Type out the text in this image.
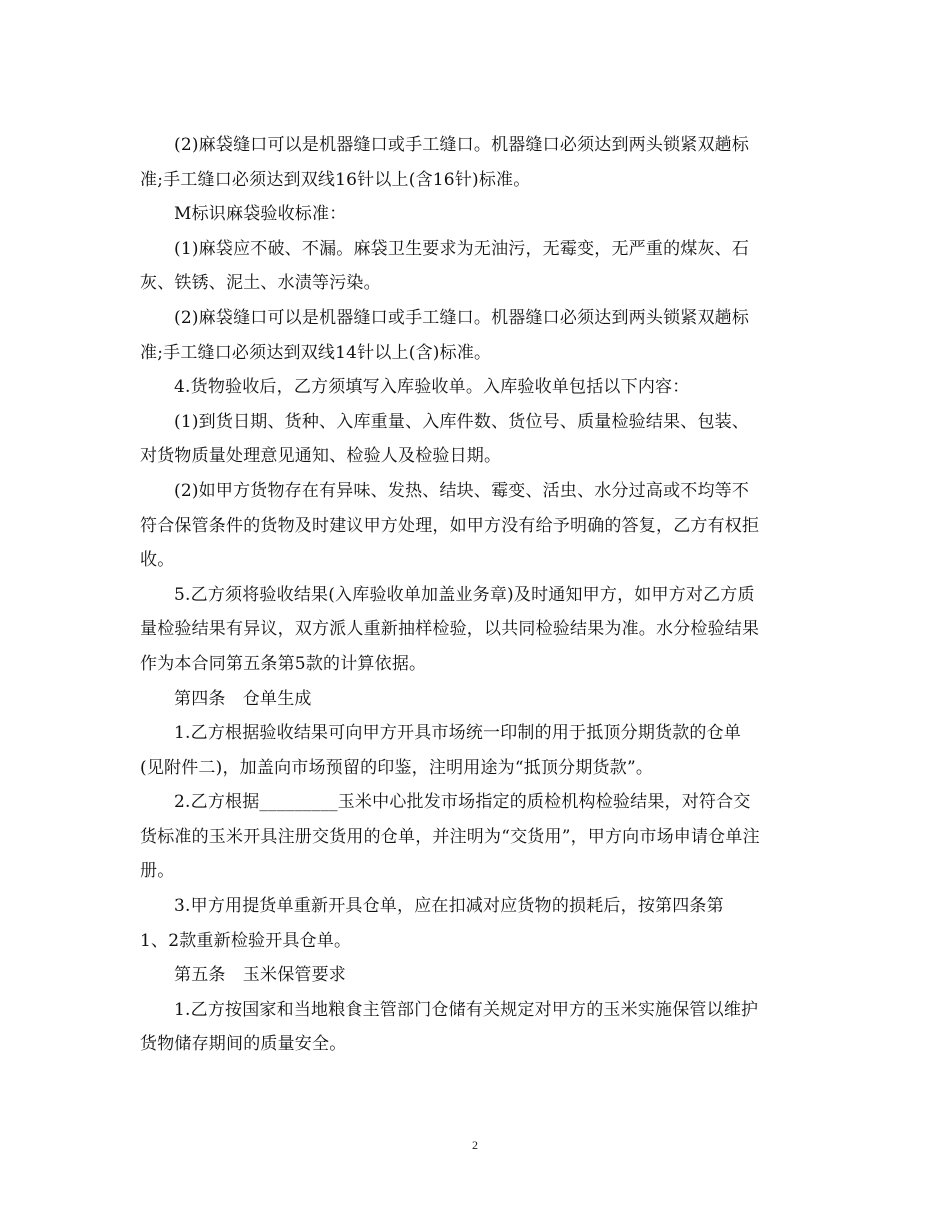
(2)麻袋缝口可以是机器缝口或手工缝口。机器缝口必须达到两头锁紧双趟标
准;手工缝口必须达到双线16针以上(含16针)标准。
M标识麻袋验收标准：
(1)麻袋应不破、不漏。麻袋卫生要求为无油污，无霉变，无严重的煤灰、石
灰、铁锈、泥土、水渍等污染。
(2)麻袋缝口可以是机器缝口或手工缝口。机器缝口必须达到两头锁紧双趟标
准;手工缝口必须达到双线14针以上(含)标准。
4.货物验收后，乙方须填写入库验收单。入库验收单包括以下内容：
(1)到货日期、货种、入库重量、入库件数、货位号、质量检验结果、包装、
对货物质量处理意见通知、检验人及检验日期。
(2)如甲方货物存在有异味、发热、结块、霉变、活虫、水分过高或不均等不
符合保管条件的货物及时建议甲方处理，如甲方没有给予明确的答复，乙方有权拒
收。
5.乙方须将验收结果(入库验收单加盖业务章)及时通知甲方，如甲方对乙方质
量检验结果有异议，双方派人重新抽样检验，以共同检验结果为准。水分检验结果
作为本合同第五条第5款的计算依据。
第四条　仓单生成
1.乙方根据验收结果可向甲方开具市场统一印制的用于抵顶分期货款的仓单
(见附件二)，加盖向市场预留的印鉴，注明用途为“抵顶分期货款”。
2.乙方根据_________玉米中心批发市场指定的质检机构检验结果，对符合交
货标准的玉米开具注册交货用的仓单，并注明为“交货用”，甲方向市场申请仓单注
册。
3.甲方用提货单重新开具仓单，应在扣减对应货物的损耗后，按第四条第
1、2款重新检验开具仓单。
第五条　玉米保管要求
1.乙方按国家和当地粮食主管部门仓储有关规定对甲方的玉米实施保管以维护
货物储存期间的质量安全。
2
